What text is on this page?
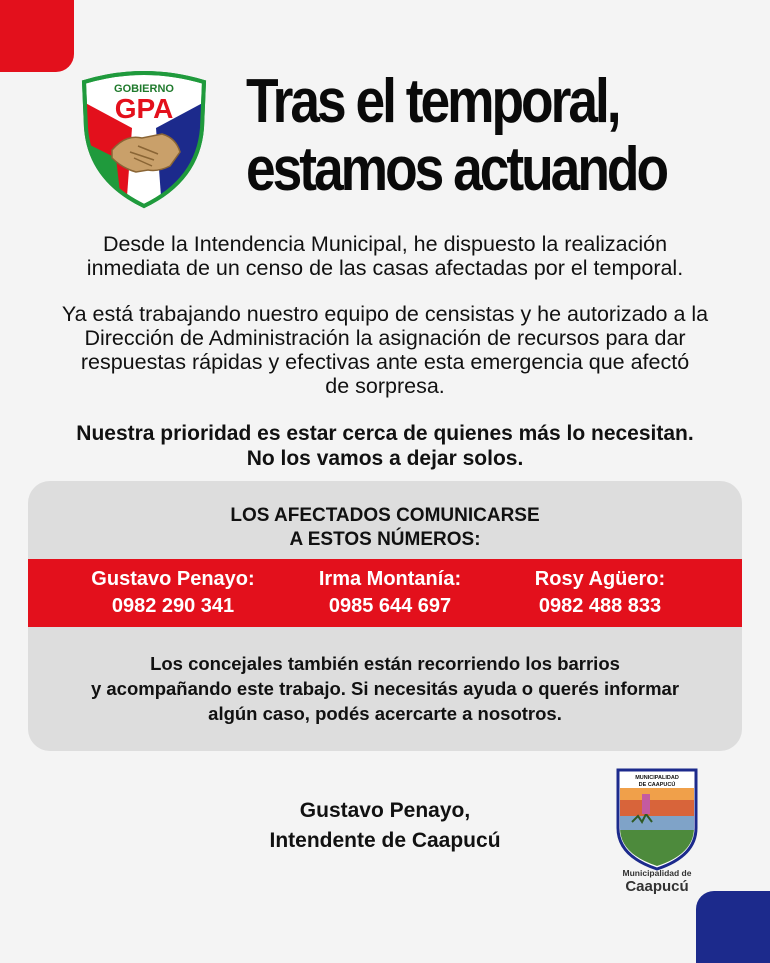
GOBIERNO
GPA Tras el temporal,
estamos actuando

Desde la Intendencia Municipal, he dispuesto la realización
inmediata de un censo de las casas afectadas por el temporal.

Ya está trabajando nuestro equipo de censistas y he autorizado a la
Dirección de Administración la asignación de recursos para dar
respuestas rápidas y efectivas ante esta emergencia que afectó
de sorpresa.

Nuestra prioridad es estar cerca de quienes más lo necesitan.
No los vamos a dejar solos.

LOS AFECTADOS COMUNICARSE
A ESTOS NÚMEROS:
Gustavo Penayo:
0982 290 341
Irma Montanía:
0985 644 697
Rosy Agüero:
0982 488 833

Los concejales también están recorriendo los barrios
y acompañando este trabajo. Si necesitás ayuda o querés informar
algún caso, podés acercarte a nosotros.

Gustavo Penayo,
Intendente de Caapucú
MUNICIPALIDAD
DE CAAPUCÚ
Municipalidad de
Caapucú
